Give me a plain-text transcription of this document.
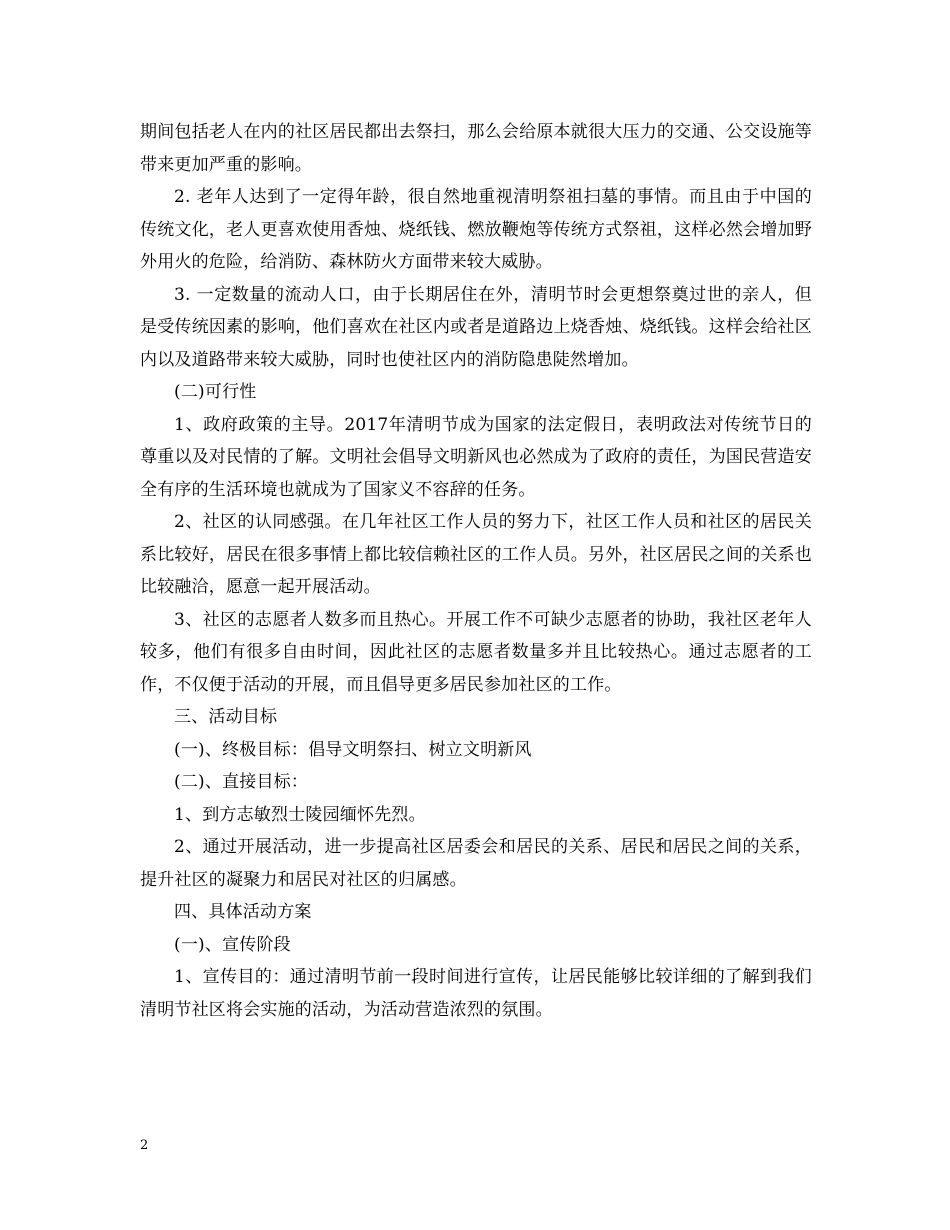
期间包括老人在内的社区居民都出去祭扫，那么会给原本就很大压力的交通、公交设施等带来更加严重的影响。

2. 老年人达到了一定得年龄，很自然地重视清明祭祖扫墓的事情。而且由于中国的传统文化，老人更喜欢使用香烛、烧纸钱、燃放鞭炮等传统方式祭祖，这样必然会增加野外用火的危险，给消防、森林防火方面带来较大威胁。

3. 一定数量的流动人口，由于长期居住在外，清明节时会更想祭奠过世的亲人，但是受传统因素的影响，他们喜欢在社区内或者是道路边上烧香烛、烧纸钱。这样会给社区内以及道路带来较大威胁，同时也使社区内的消防隐患陡然增加。

(二)可行性

1、政府政策的主导。2017年清明节成为国家的法定假日，表明政法对传统节日的尊重以及对民情的了解。文明社会倡导文明新风也必然成为了政府的责任，为国民营造安全有序的生活环境也就成为了国家义不容辞的任务。

2、社区的认同感强。在几年社区工作人员的努力下，社区工作人员和社区的居民关系比较好，居民在很多事情上都比较信赖社区的工作人员。另外，社区居民之间的关系也比较融洽，愿意一起开展活动。

3、社区的志愿者人数多而且热心。开展工作不可缺少志愿者的协助，我社区老年人较多，他们有很多自由时间，因此社区的志愿者数量多并且比较热心。通过志愿者的工作，不仅便于活动的开展，而且倡导更多居民参加社区的工作。

三、活动目标

(一)、终极目标：倡导文明祭扫、树立文明新风

(二)、直接目标：

1、到方志敏烈士陵园缅怀先烈。

2、通过开展活动，进一步提高社区居委会和居民的关系、居民和居民之间的关系，提升社区的凝聚力和居民对社区的归属感。

四、具体活动方案

(一)、宣传阶段

1、宣传目的：通过清明节前一段时间进行宣传，让居民能够比较详细的了解到我们清明节社区将会实施的活动，为活动营造浓烈的氛围。

2
